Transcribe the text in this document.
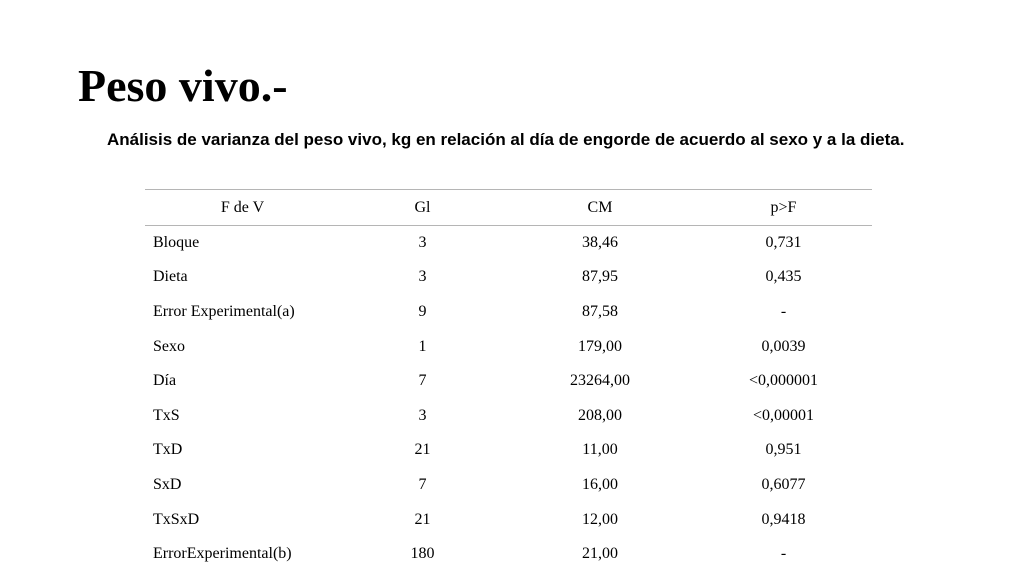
Peso vivo.-
Análisis de varianza del peso vivo, kg en relación al día de engorde de acuerdo al sexo y a la dieta.
F de V	Gl	CM	p>F
Bloque	3	38,46	0,731
Dieta	3	87,95	0,435
Error Experimental(a)	9	87,58	-
Sexo	1	179,00	0,0039
Día	7	23264,00	<0,000001
TxS	3	208,00	<0,00001
TxD	21	11,00	0,951
SxD	7	16,00	0,6077
TxSxD	21	12,00	0,9418
ErrorExperimental(b)	180	21,00	-
